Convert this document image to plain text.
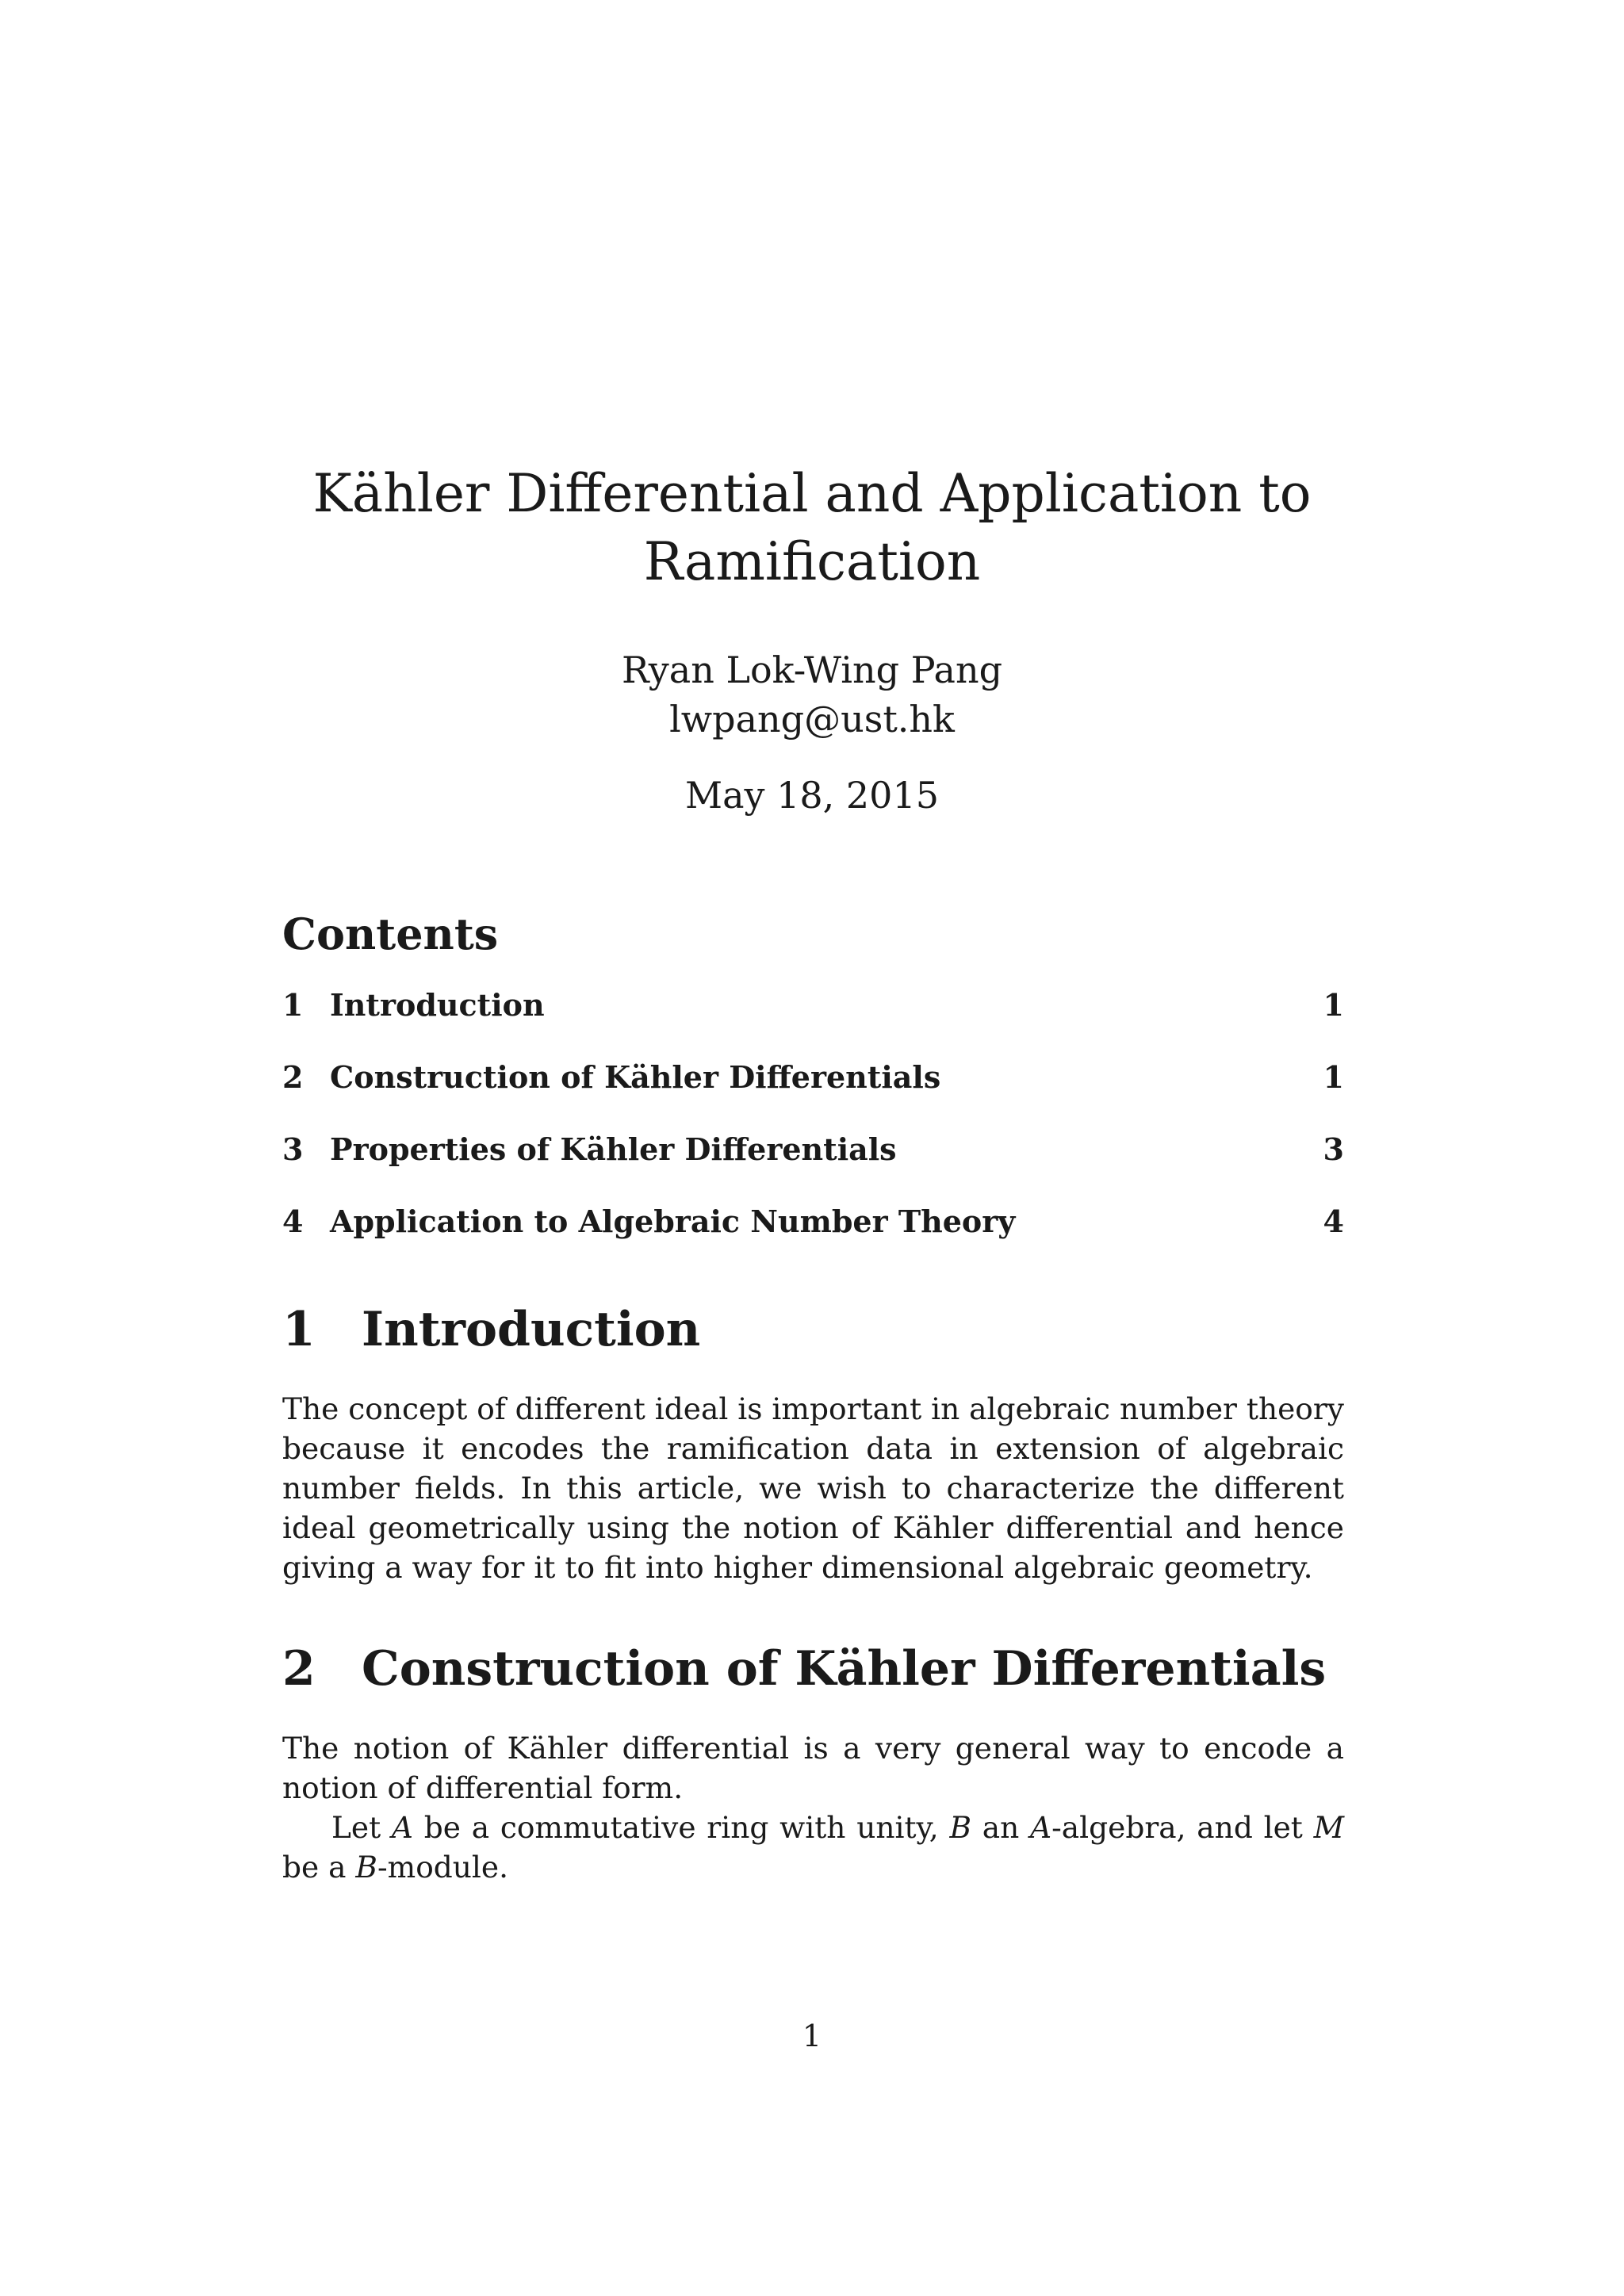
Kähler Differential and Application to
Ramification
Ryan Lok-Wing Pang
lwpang@ust.hk
May 18, 2015
Contents
1 Introduction	1
2 Construction of Kähler Differentials	1
3 Properties of Kähler Differentials	3
4 Application to Algebraic Number Theory	4
1 Introduction

The concept of different ideal is important in algebraic number theory because it encodes the ramification data in extension of algebraic number fields. In this article, we wish to characterize the different ideal geometrically using the notion of Kähler differential and hence giving a way for it to fit into higher dimensional algebraic geometry.

2 Construction of Kähler Differentials

The notion of Kähler differential is a very general way to encode a notion of differential form.

Let A be a commutative ring with unity, B an A-algebra, and let M be a B-module.

1
